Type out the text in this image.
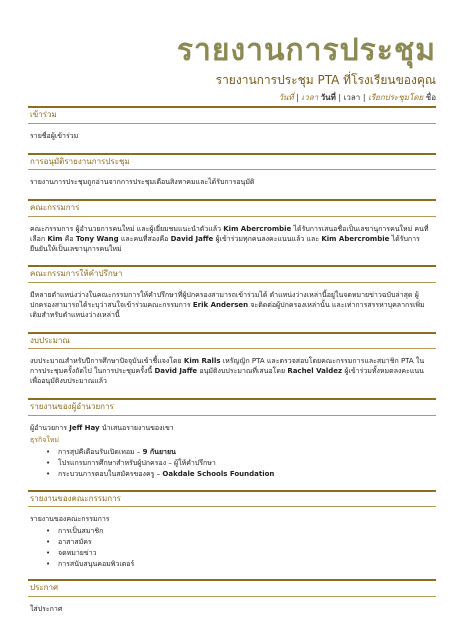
รายงานการประชุม
รายงานการประชุม PTA ที่โรงเรียนของคุณ
วันที่ | เวลา วันที่ | เวลา | เรียกประชุมโดย ชื่อ
เข้าร่วม

รายชื่อผู้เข้าร่วม

การอนุมัติรายงานการประชุม

รายงานการประชุมถูกอ่านจากการประชุมเดือนสิงหาคมและได้รับการอนุมัติ

คณะกรรมการ

คณะกรรมการ ผู้อำนวยการคนใหม่ และผู้เยี่ยมชมแนะนำตัวแล้ว Kim Abercrombie ได้รับการเสนอชื่อเป็นเลขานุการคนใหม่ คนที่เลือก Kim คือ Tony Wang และคนที่สองคือ David Jaffe ผู้เข้าร่วมทุกคนลงคะแนนแล้ว และ Kim Abercrombie ได้รับการยืนยันให้เป็นเลขานุการคนใหม่

คณะกรรมการให้คำปรึกษา

มีหลายตำแหน่งว่างในคณะกรรมการให้คำปรึกษาที่ผู้ปกครองสามารถเข้าร่วมได้ ตำแหน่งว่างเหล่านี้อยู่ในจดหมายข่าวฉบับล่าสุด ผู้ปกครองสามารถได้ระบุว่าสนใจเข้าร่วมคณะกรรมการ Erik Andersen จะติดต่อผู้ปกครองเหล่านั้น และเท่าการสรรหาบุคลากรเพิ่มเติมสำหรับตำแหน่งว่างเหล่านี้

งบประมาณ

งบประมาณสำหรับปีการศึกษาปัจจุบันเข้าชี้แจงโดย Kim Ralls เหรัญญิก PTA และตรวจสอบโดยคณะกรรมการและสมาชิก PTA ในการประชุมครั้งถัดไป ในการประชุมครั้งนี้ David Jaffe อนุมัติงบประมาณที่เสนอโดย Rachel Valdez ผู้เข้าร่วมทั้งหมดลงคะแนนเพื่ออนุมัติงบประมาณแล้ว

รายงานของผู้อำนวยการ

ผู้อำนวยการ Jeff Hay นำเสนอรายงานของเขา

ธุรกิจใหม่
• การสุปคีเดือนรับเปิดเทอม – 9 กันยายน
• โปรแกรมการศึกษาสำหรับผู้ปกครอง – ผู้ให้คำปรึกษา
• กระบวนการตอบในสมัครของครู – Oakdale Schools Foundation
รายงานของคณะกรรมการ

รายงานของคณะกรรมการ

• การเป็นสมาชิก
• อาสาสมัคร
• จดหมายข่าว
• การสนับสนุนคอมพิวเตอร์
ประกาศ

ใส่ประกาศ
